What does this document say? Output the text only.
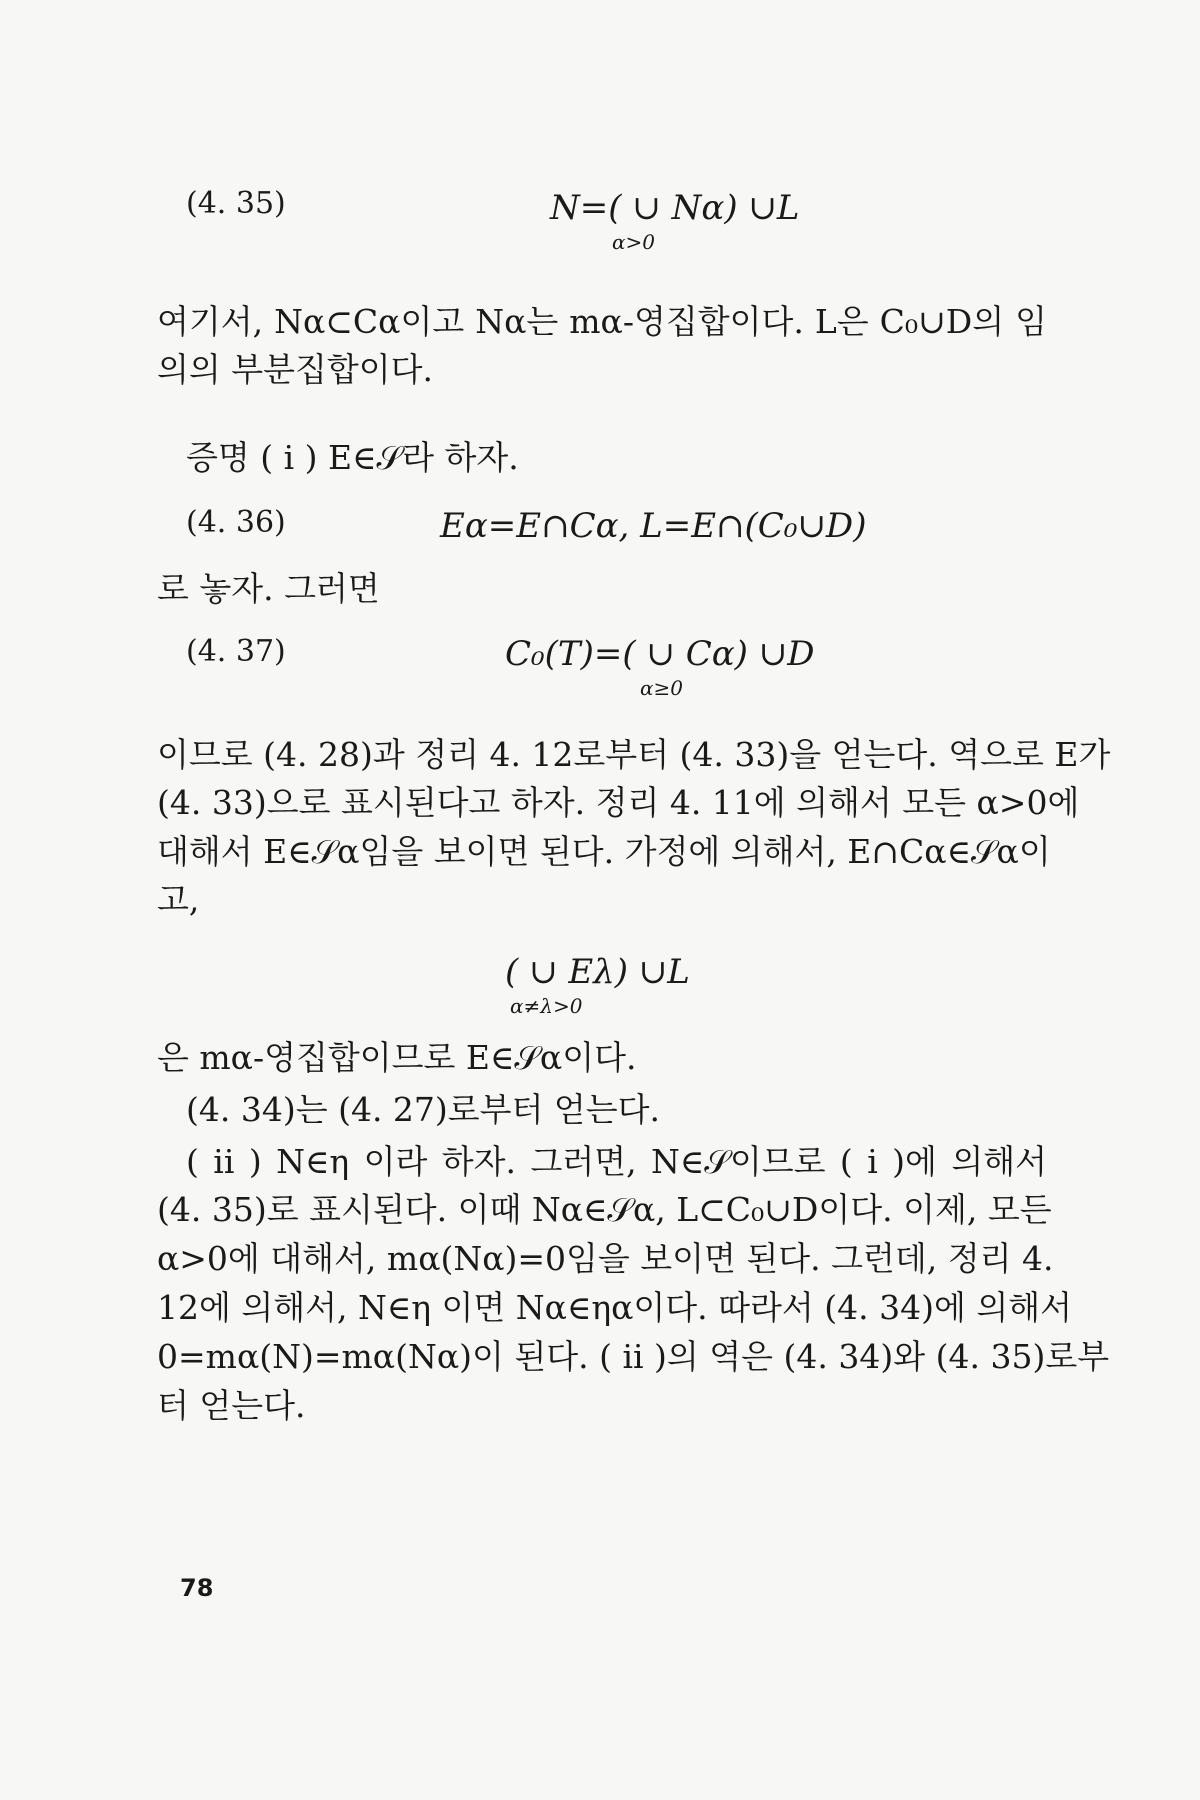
(4. 35)	N=( ∪ Nα) ∪L
α>0
여기서, Nα⊂Cα이고 Nα는 mα-영집합이다. L은 C₀∪D의 임
의의 부분집합이다.
증명 ( i ) E∈𝒮라 하자.
(4. 36)	Eα=E∩Cα, L=E∩(C₀∪D)
로 놓자. 그러면
(4. 37)	C₀(T)=( ∪ Cα) ∪D
α≥0
이므로 (4. 28)과 정리 4. 12로부터 (4. 33)을 얻는다. 역으로 E가
(4. 33)으로 표시된다고 하자. 정리 4. 11에 의해서 모든 α>0에
대해서 E∈𝒮α임을 보이면 된다. 가정에 의해서, E∩Cα∈𝒮α이
고,
( ∪ Eλ) ∪L
α≠λ>0
은 mα-영집합이므로 E∈𝒮α이다.
(4. 34)는 (4. 27)로부터 얻는다.
( ii ) N∈η 이라 하자. 그러면, N∈𝒮이므로 ( i )에 의해서
(4. 35)로 표시된다. 이때 Nα∈𝒮α, L⊂C₀∪D이다. 이제, 모든
α>0에 대해서, mα(Nα)=0임을 보이면 된다. 그런데, 정리 4.
12에 의해서, N∈η 이면 Nα∈ηα이다. 따라서 (4. 34)에 의해서
0=mα(N)=mα(Nα)이 된다. ( ii )의 역은 (4. 34)와 (4. 35)로부
터 얻는다.
78
